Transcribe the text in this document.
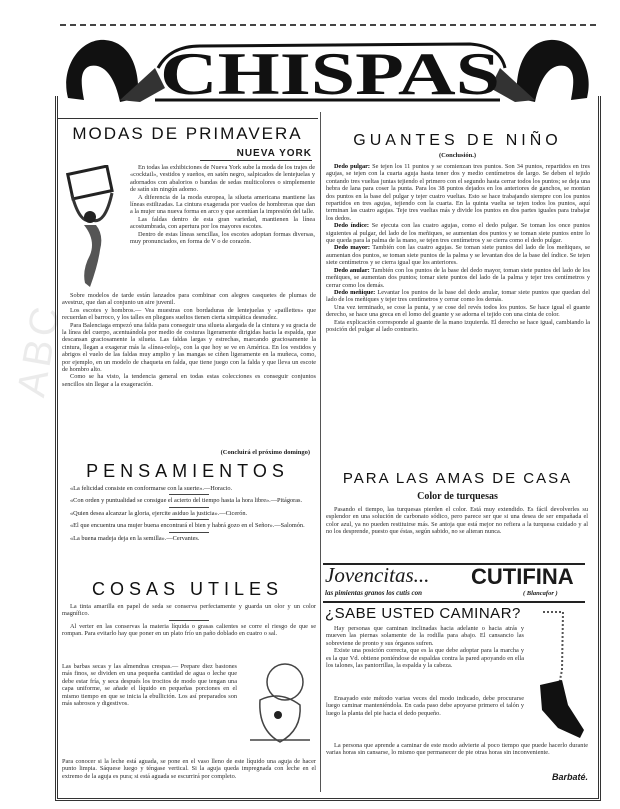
CHISPAS
MODAS DE PRIMAVERA
NUEVA YORK

En todas las exhibiciones de Nueva York sube la moda de los trajes de «cocktail», vestidos y sueños, en satén negro, salpicados de lentejuelas y adornados con abalorios o bandas de sedas multicolores o simplemente de satín sin ningún adorno.

A diferencia de la moda europea, la silueta americana mantiene las líneas estilizadas. La cintura exagerada por vuelos de hombreras que dan a la mujer una nueva forma en arco y que acentúan la impresión del talle.

Las faldas dentro de esta gran variedad, mantienen la línea acostumbrada, con apertura por los mayores escotes.

Dentro de estas líneas sencillas, los escotes adoptan formas diversas, muy pronunciados, en forma de V o de corazón.

Sobre modelos de tarde están lanzados para combinar con alegres casquetes de plumas de avestruz, que dan al conjunto un aire juvenil.

Los escotes y hombros.— Vea muestras con bordaduras de lentejuelas y «paillettes» que recuerdan el barroco, y los talles en pliegues sueltos tienen cierta simpática desnudez.

Para Balenciaga empezó una falda para conseguir una silueta alargada de la cintura y su gracia de la línea del cuerpo, acentuándola por medio de costuras ligeramente dirigidas hacia la espalda, que descansan graciosamente la silueta. Las faldas largas y estrechas, marcando graciosamente la cintura, llegan a exagerar más la «línea-reloj», con la que hoy se ve en América. En los vestidos y abrigos el vuelo de las faldas muy amplio y las mangas se ciñen ligeramente en la muñeca, como, por ejemplo, en un modelo de chaqueta en falda, que tiene juego con la falda y que lleva un escote de hombro alto.

Como se ha visto, la tendencia general en todas estas colecciones es conseguir conjuntos sencillos sin llegar a la exageración.

(Concluirá el próximo domingo)
PENSAMIENTOS

«La felicidad consiste en conformarse con la suerte».—Horacio.

«Con orden y puntualidad se consigue el acierto del tiempo hasta la hora libre».—Pitágoras.

«Quien desea alcanzar la gloria, ejercite asiduo la justicia».—Cicerón.

«El que encuentra una mujer buena encontrará el bien y habrá gozo en el Señor».—Salomón.

«La buena madeja deja en la semilla».—Cervantes.

COSAS UTILES

La tinta amarilla en papel de seda se conserva perfectamente y guarda un olor y un color magnífico.

Al verter en las conservas la materia líquida o grasas calientes se corre el riesgo de que se rompan. Para evitarlo hay que poner en un plato frío un paño doblado en cuatro o sal.

Las barbas secas y las almendras crespas.— Prepare diez bastones más finos, se dividen en una pequeña cantidad de agua o leche que debe estar fría, y seca después los trocitos de modo que tengan una capa uniforme, se añade el líquido en pequeñas porciones en el mismo tiempo en que se inicia la ebullición. Los así preparados son más sabrosos y digestivos.
Para conocer si la leche está aguada, se pone en el vaso lleno de este líquido una aguja de hacer punto limpia. Sáquese luego y téngase vertical. Si la aguja queda impregnada con leche en el extremo de la aguja es pura; si está aguada se escurrirá por completo.
GUANTES DE NIÑO
(Conclusión.)

Dedo pulgar: Se tejen los 11 puntos y se comienzan tres puntos. Son 34 puntos, repartidos en tres agujas, se tejen con la cuarta aguja hasta tener dos y medio centímetros de largo. Se deben el tejido contando tres vueltas juntas tejiendo el primero con el segundo hasta cerrar todos los puntos; se deja una hebra de lana para coser la punta. Para los 38 puntos dejados en los anteriores de ganchos, se montan dos puntos en la base del pulgar y tejer cuatro vueltas. Esto se hace trabajando siempre con los puntos repartidos en tres agujas, tejiendo con la cuarta. En la quinta vuelta se tejen todos los puntos, aquí terminan las cuatro agujas. Teje tres vueltas más y divide los puntos en dos partes iguales para trabajar los dedos.

Dedo índice: Se ejecuta con las cuatro agujas, como el dedo pulgar. Se toman los once puntos siguientes al pulgar, del lado de los meñiques, se aumentan dos puntos y se toman siete puntos entre lo que queda para la palma de la mano, se tejen tres centímetros y se cierra como el dedo pulgar.

Dedo mayor: También con las cuatro agujas. Se toman siete puntos del lado de los meñiques, se aumentan dos puntos, se toman siete puntos de la palma y se levantan dos de la base del índice. Se tejen siete centímetros y se cierra igual que los anteriores.

Dedo anular: También con los puntos de la base del dedo mayor, toman siete puntos del lado de los meñiques, se aumentan dos puntos; tomar siete puntos del lado de la palma y tejer tres centímetros y cerrar como los demás.

Dedo meñique: Levantar los puntos de la base del dedo anular, tomar siete puntos que quedan del lado de los meñiques y tejer tres centímetros y cerrar como los demás.

Una vez terminado, se cose la punta, y se cose del revés todos los puntos. Se hace igual el guante derecho, se hace una greca en el lomo del guante y se adorna el tejido con una cinta de color.

Esta explicación corresponde al guante de la mano izquierda. El derecho se hace igual, cambiando la posición del pulgar al lado contrario.

PARA LAS AMAS DE CASA
Color de turquesas

Pasando el tiempo, las turquesas pierden el color. Está muy extendido. Es fácil devolverles su esplendor en una solución de carbonato sódico, pero parece ser que si una desea de ser empañada el color azul, ya no pueden restituirse más. Se antoja que está mejor no refiera a la turquesa cuidado y al no los desprende, puesto que éstas, según sabido, no se alteran nunca.

Jovencitas...
las pimientas granos los cutis con
CUTIFINA
( Blancafor )
¿SABE USTED CAMINAR?

Hay personas que caminan inclinadas hacia adelante o hacia atrás y mueven las piernas solamente de la rodilla para abajo. El cansancio las sobreviene de pronto y sus órganos sufren.

Existe una posición correcta, que es la que debe adoptar para la marcha y es la que Vd. obtiene poniéndose de espaldas contra la pared apoyando en ella los talones, las pantorrillas, la espalda y la cabeza.

Ensayado este método varias veces del modo indicado, debe procurarse luego caminar manteniéndola. En cada paso debe apoyarse primero el talón y luego la planta del pie hacia el dedo pequeño.

La persona que aprende a caminar de este modo advierte al poco tiempo que puede hacerlo durante varias horas sin cansarse, lo mismo que permanecer de pie otras horas sin inconveniente.

Barbaté.
ABC
